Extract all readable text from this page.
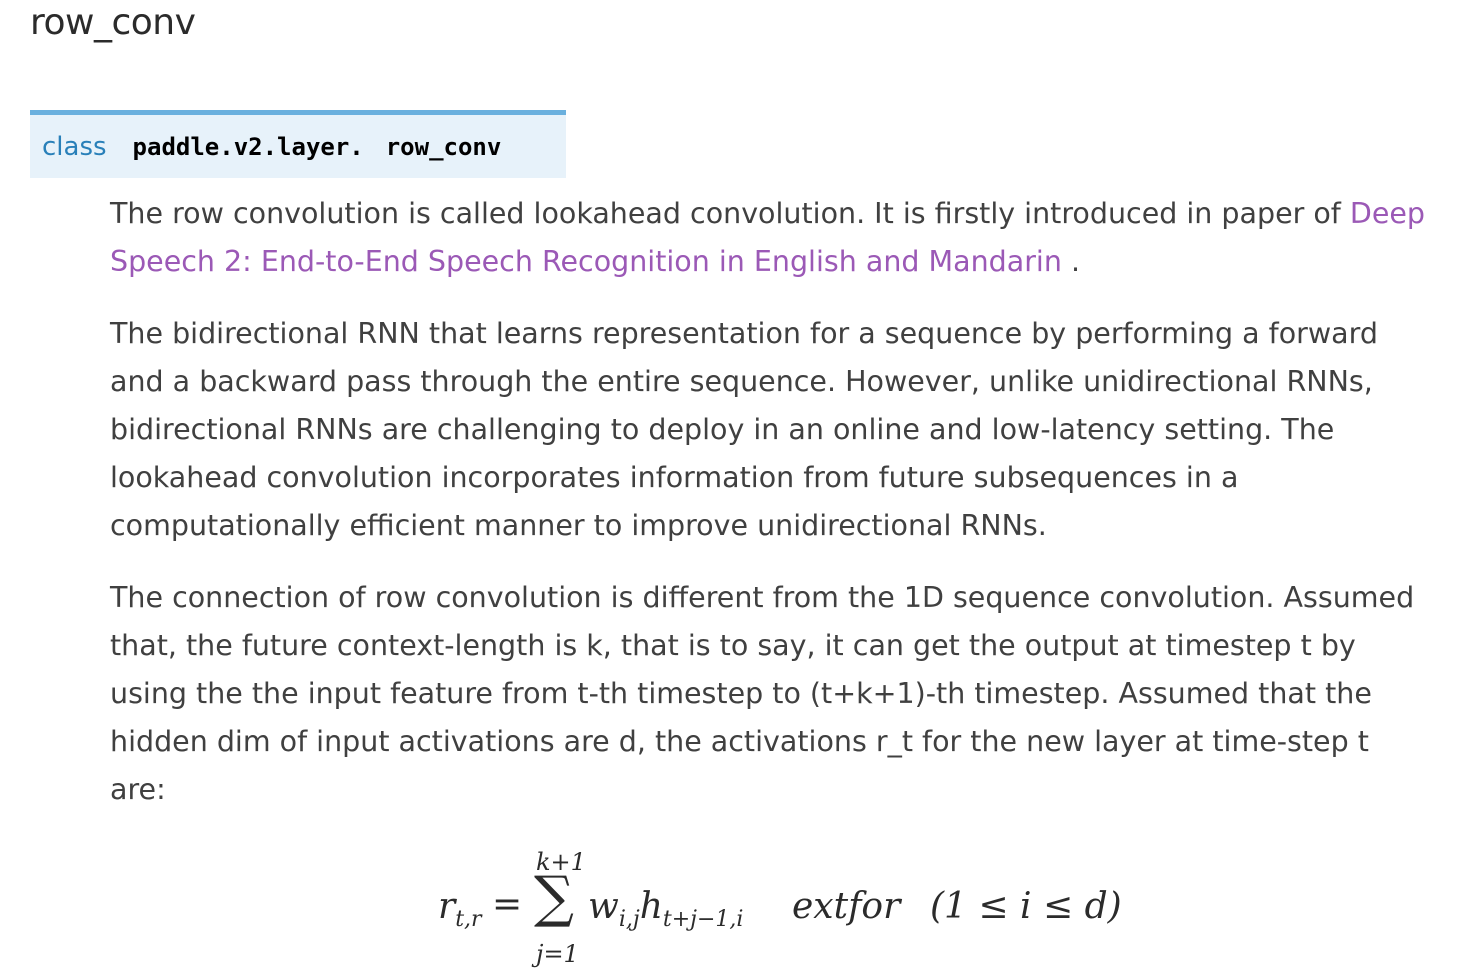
row_conv
class paddle.v2.layer. row_conv

The row convolution is called lookahead convolution. It is firstly introduced in paper of Deep Speech 2: End-to-End Speech Recognition in English and Mandarin .

The bidirectional RNN that learns representation for a sequence by performing a forward and a backward pass through the entire sequence. However, unlike unidirectional RNNs, bidirectional RNNs are challenging to deploy in an online and low-latency setting. The lookahead convolution incorporates information from future subsequences in a computationally efficient manner to improve unidirectional RNNs.

The connection of row convolution is different from the 1D sequence convolution. Assumed that, the future context-length is k, that is to say, it can get the output at timestep t by using the the input feature from t-th timestep to (t+k+1)-th timestep. Assumed that the hidden dim of input activations are d, the activations r_t for the new layer at time-step t are:

$r_{t,r}$ =
k+1
∑
j=1
$w_{i,j}h_{t+j-1,i}$ extfor (1 ≤ i ≤ d)
